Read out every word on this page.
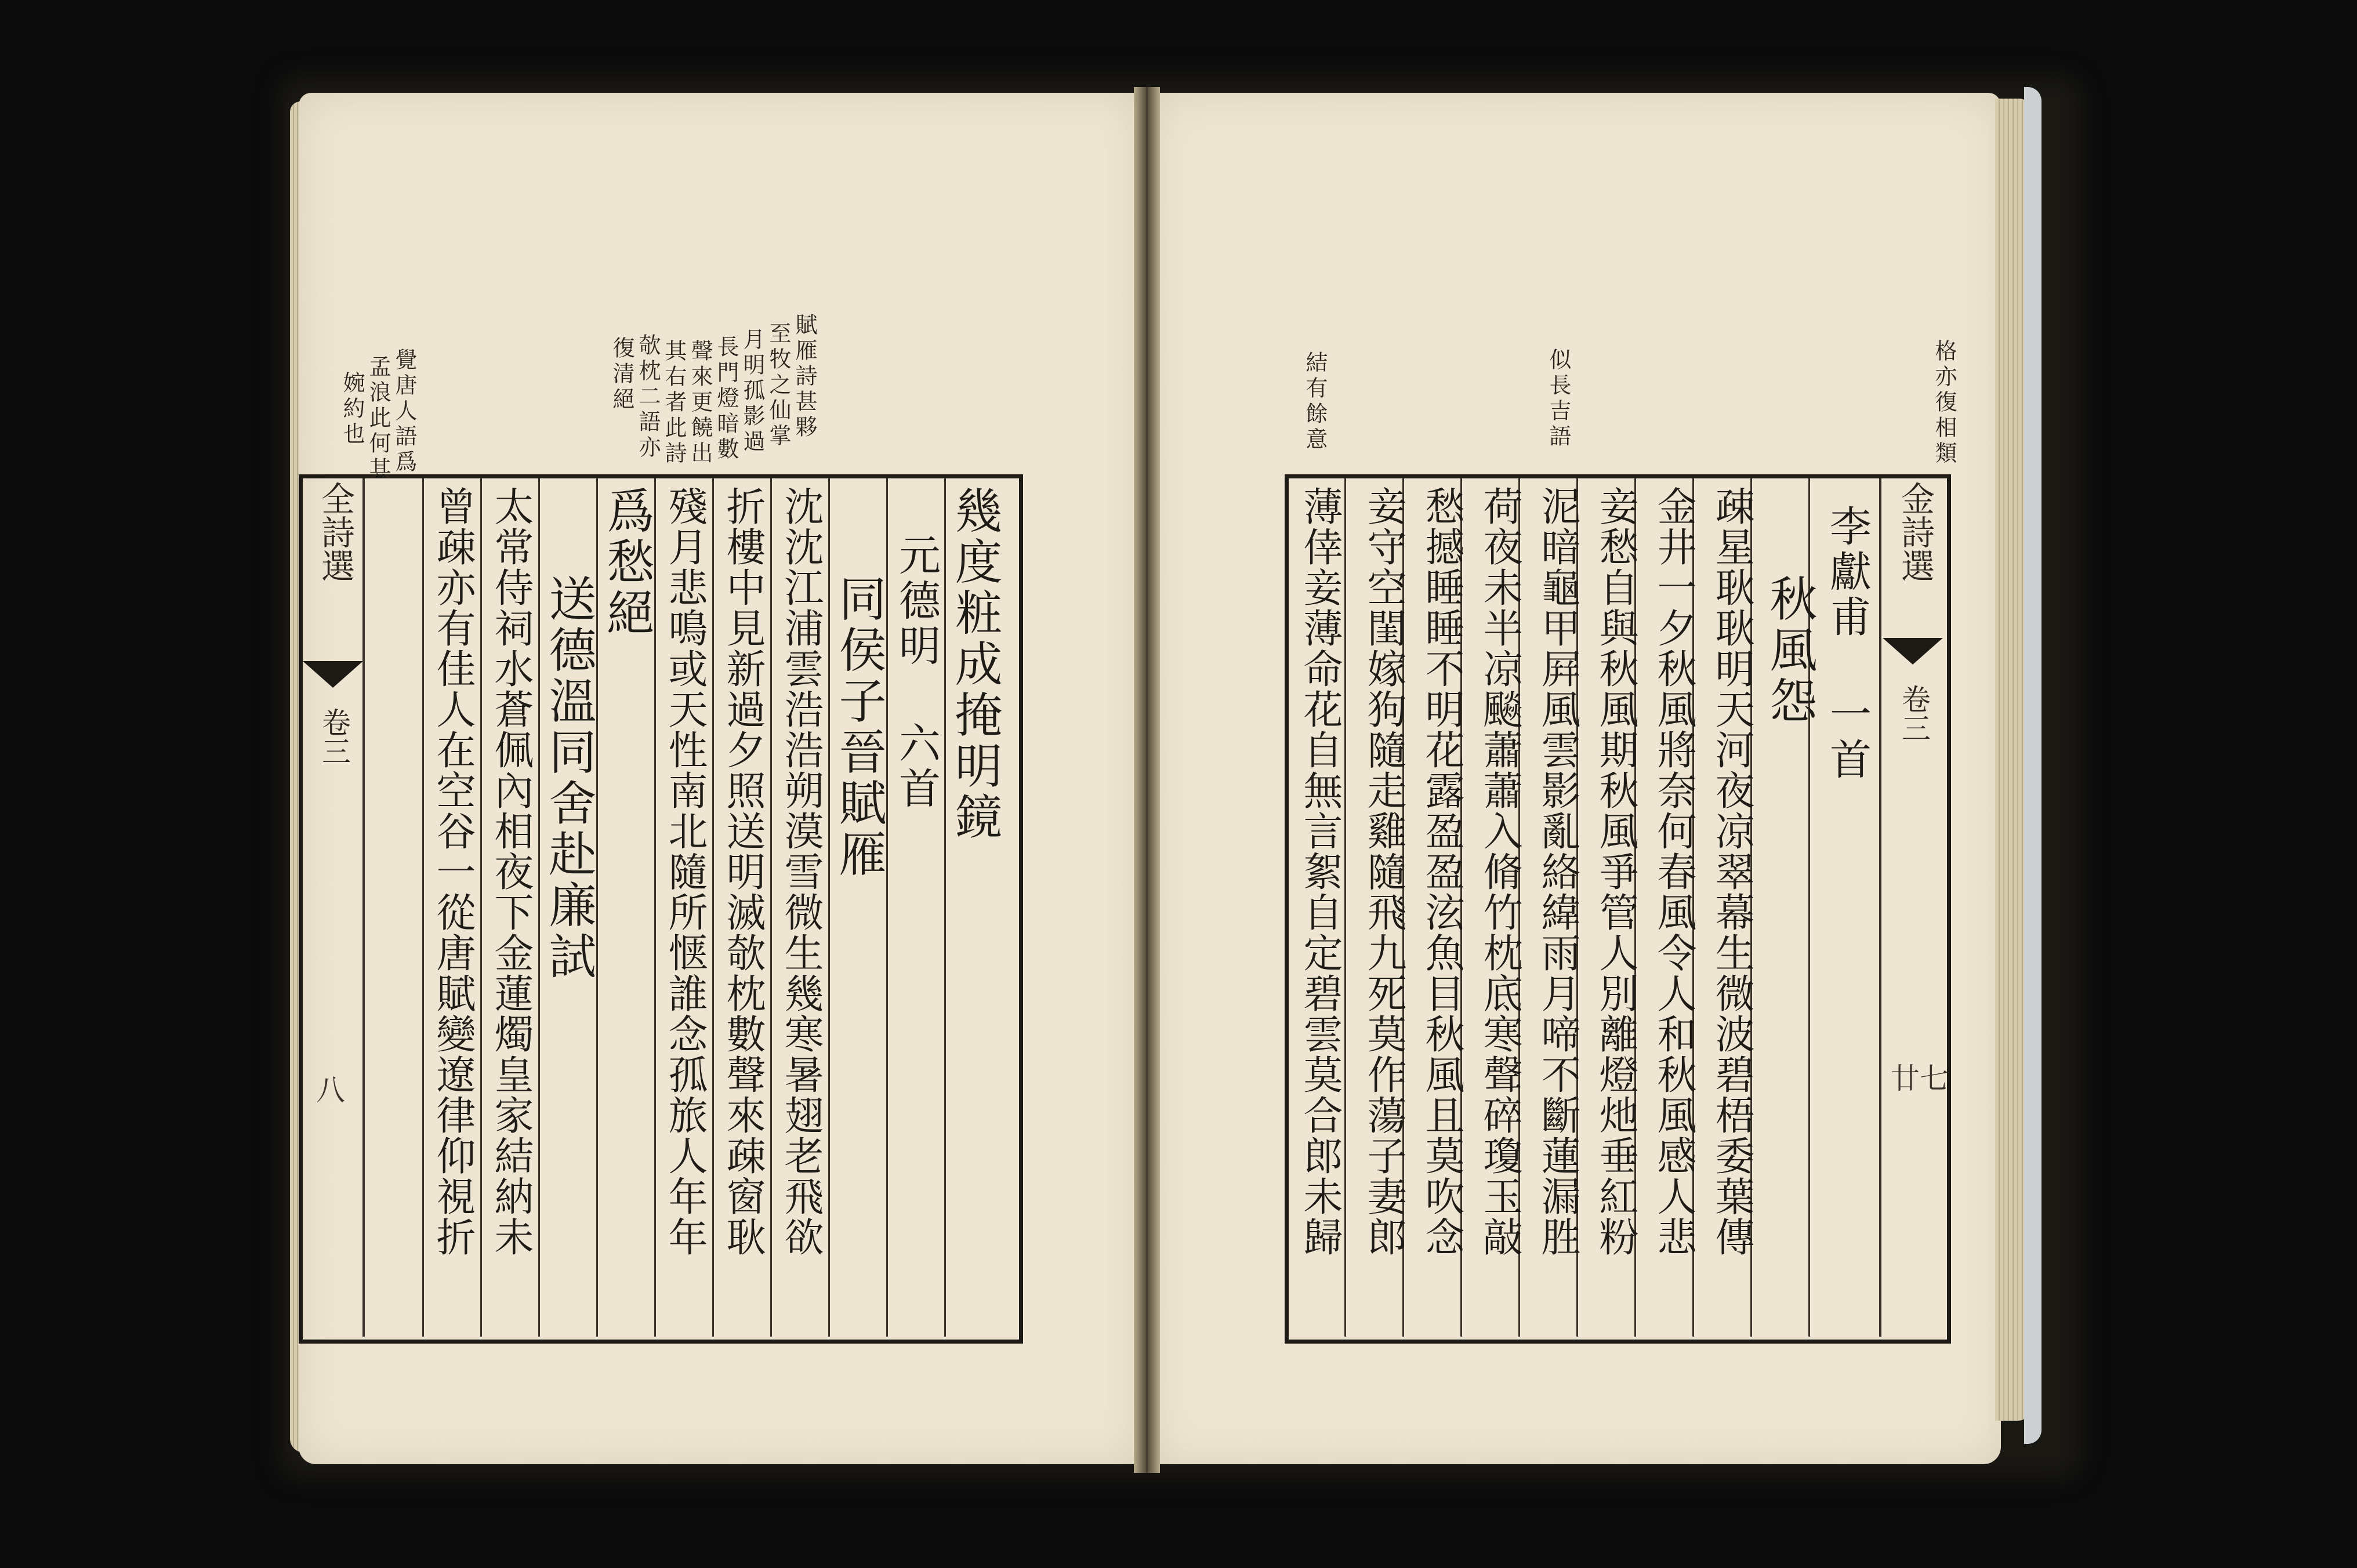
覺唐人語爲
孟浪此何其
婉約也	賦雁詩甚夥
至牧之仙掌
月明孤影過
長門燈暗數
聲來更饒出
其右者此詩
欹枕二語亦
復清絕
全詩選
卷三
八
幾度粧成掩明鏡
元德明 六首
同侯子晉賦雁
沈沈江浦雲浩浩朔漠雪微生幾寒暑翅老飛欲
折樓中見新過夕照送明滅欹枕數聲來疎窗耿
殘月悲鳴或天性南北隨所惬誰念孤旅人年年
爲愁絕
送德溫同舍赴廉試
太常侍祠水蒼佩內相夜下金蓮燭皇家結納未
曾疎亦有佳人在空谷一從唐賦變遼律仰視折
格亦復相類
似長吉語
結有餘意
金詩選
卷三
廿七
李獻甫 一首
秋風怨
疎星耿耿明天河夜凉翠幕生微波碧梧委葉傳
金井一夕秋風將奈何春風令人和秋風感人悲
妾愁自與秋風期秋風爭管人別離燈灺垂紅粉
泥暗龜甲屛風雲影亂絡緯雨月啼不斷蓮漏胜
荷夜未半凉飈蕭蕭入脩竹枕底寒聲碎瓊玉敲
愁撼睡睡不明花露盈盈泫魚目秋風且莫吹念
妾守空閨嫁狗隨走雞隨飛九死莫作蕩子妻郎
薄倖妾薄命花自無言絮自定碧雲莫合郎未歸
